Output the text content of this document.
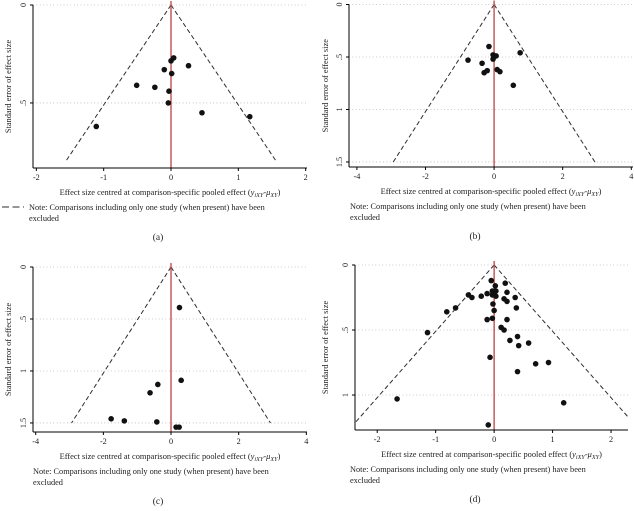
-2	-1	0	1	2
0
.5
Standard error of effect size
Effect size centred at comparison-specific pooled effect $(y_{iXY}-\mu_{XY})$
Note: Comparisons including only one study (when present) have been
excluded
(a)
-4	-2	0	2	4
0
.5
1
1.5
Standard error of effect size
Effect size centred at comparison-specific pooled effect $(y_{iXY}-\mu_{XY})$
Note: Comparisons including only one study (when present) have been
excluded
(b)
-4	-2	0	2	4
0
.5
1
1.5
Standard error of effect size
Effect size centred at comparison-specific pooled effect $(y_{iXY}-\mu_{XY})$
Note: Comparisons including only one study (when present) have been
excluded
(c)
-2	-1	0	1	2
0
.5
1
Standard error of effect size
Effect size centred at comparison-specific pooled effect $(y_{iXY}-\mu_{XY})$
Note: Comparisons including only one study (when present) have been
excluded
(d)
